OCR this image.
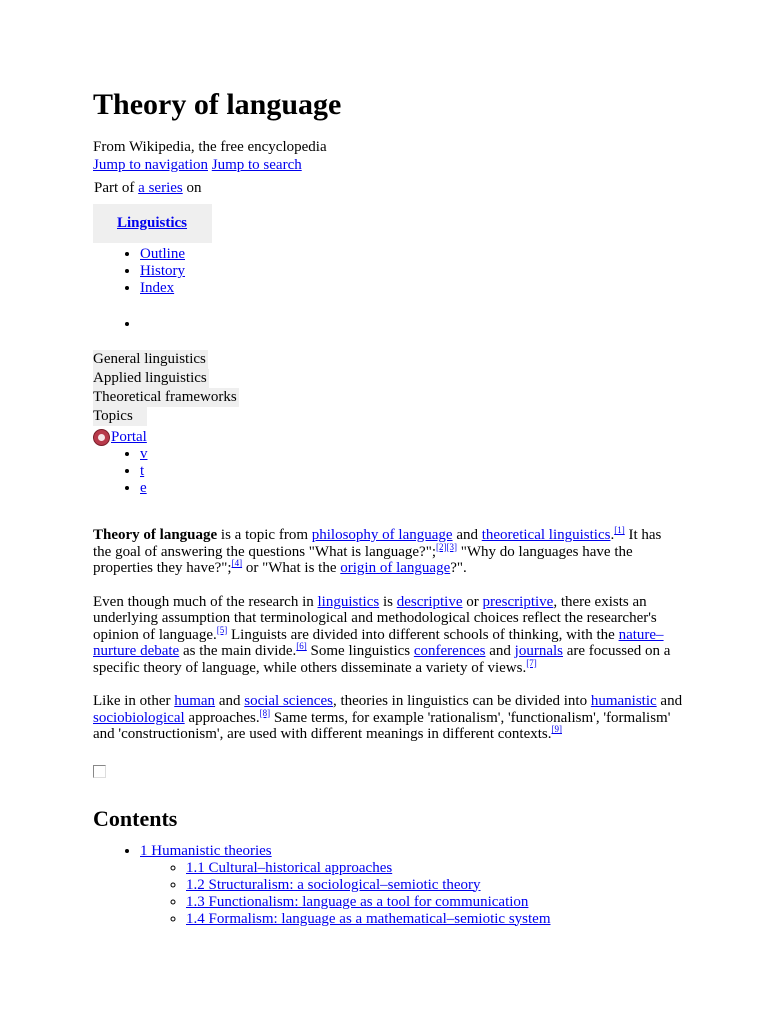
Theory of language
From Wikipedia, the free encyclopedia
Jump to navigation Jump to search
Part of a series on
Linguistics
• Outline
• History
• Index
•
General linguistics
Applied linguistics
Theoretical frameworks
Topics
Portal
• v
• t
• e

Theory of language is a topic from philosophy of language and theoretical linguistics.[1] It has the goal of answering the questions "What is language?";[2][3] "Why do languages have the properties they have?";[4] or "What is the origin of language?".

Even though much of the research in linguistics is descriptive or prescriptive, there exists an underlying assumption that terminological and methodological choices reflect the researcher's opinion of language.[5] Linguists are divided into different schools of thinking, with the nature–nurture debate as the main divide.[6] Some linguistics conferences and journals are focussed on a specific theory of language, while others disseminate a variety of views.[7]

Like in other human and social sciences, theories in linguistics can be divided into humanistic and sociobiological approaches.[8] Same terms, for example 'rationalism', 'functionalism', 'formalism' and 'constructionism', are used with different meanings in different contexts.[9]

Contents
• 1 Humanistic theories
◦ 1.1 Cultural–historical approaches
◦ 1.2 Structuralism: a sociological–semiotic theory
◦ 1.3 Functionalism: language as a tool for communication
◦ 1.4 Formalism: language as a mathematical–semiotic system
